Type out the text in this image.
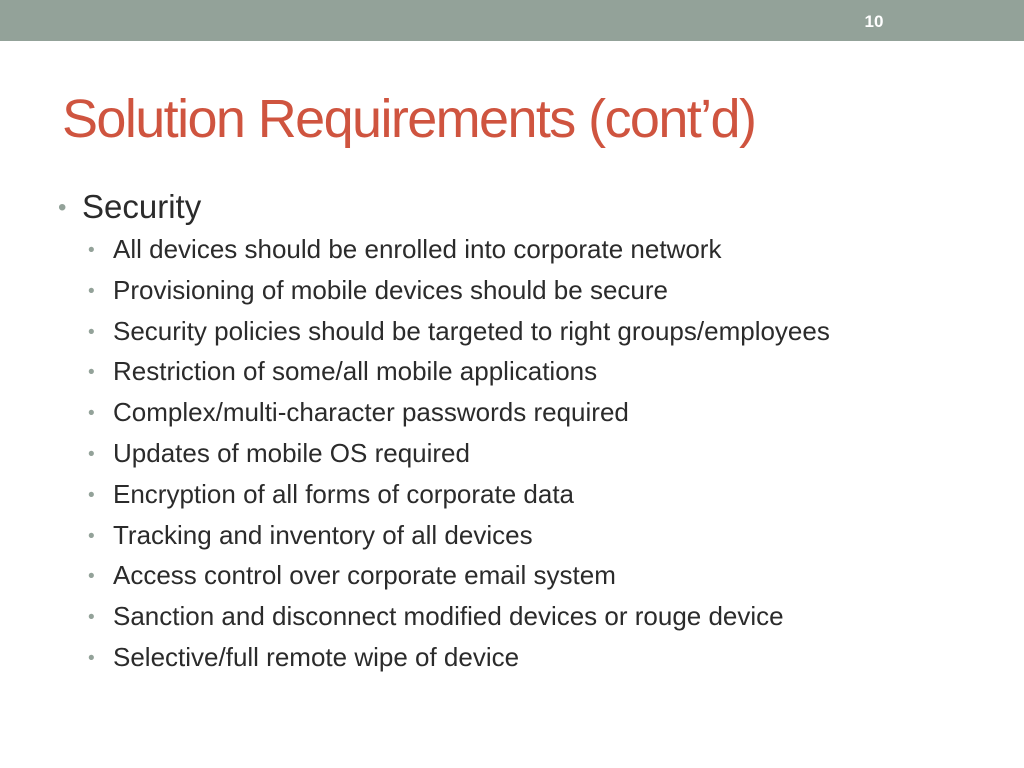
10
Solution Requirements (cont’d)
• Security
• All devices should be enrolled into corporate network
• Provisioning of mobile devices should be secure
• Security policies should be targeted to right groups/employees
• Restriction of some/all mobile applications
• Complex/multi-character passwords required
• Updates of mobile OS required
• Encryption of all forms of corporate data
• Tracking and inventory of all devices
• Access control over corporate email system
• Sanction and disconnect modified devices or rouge device
• Selective/full remote wipe of device
